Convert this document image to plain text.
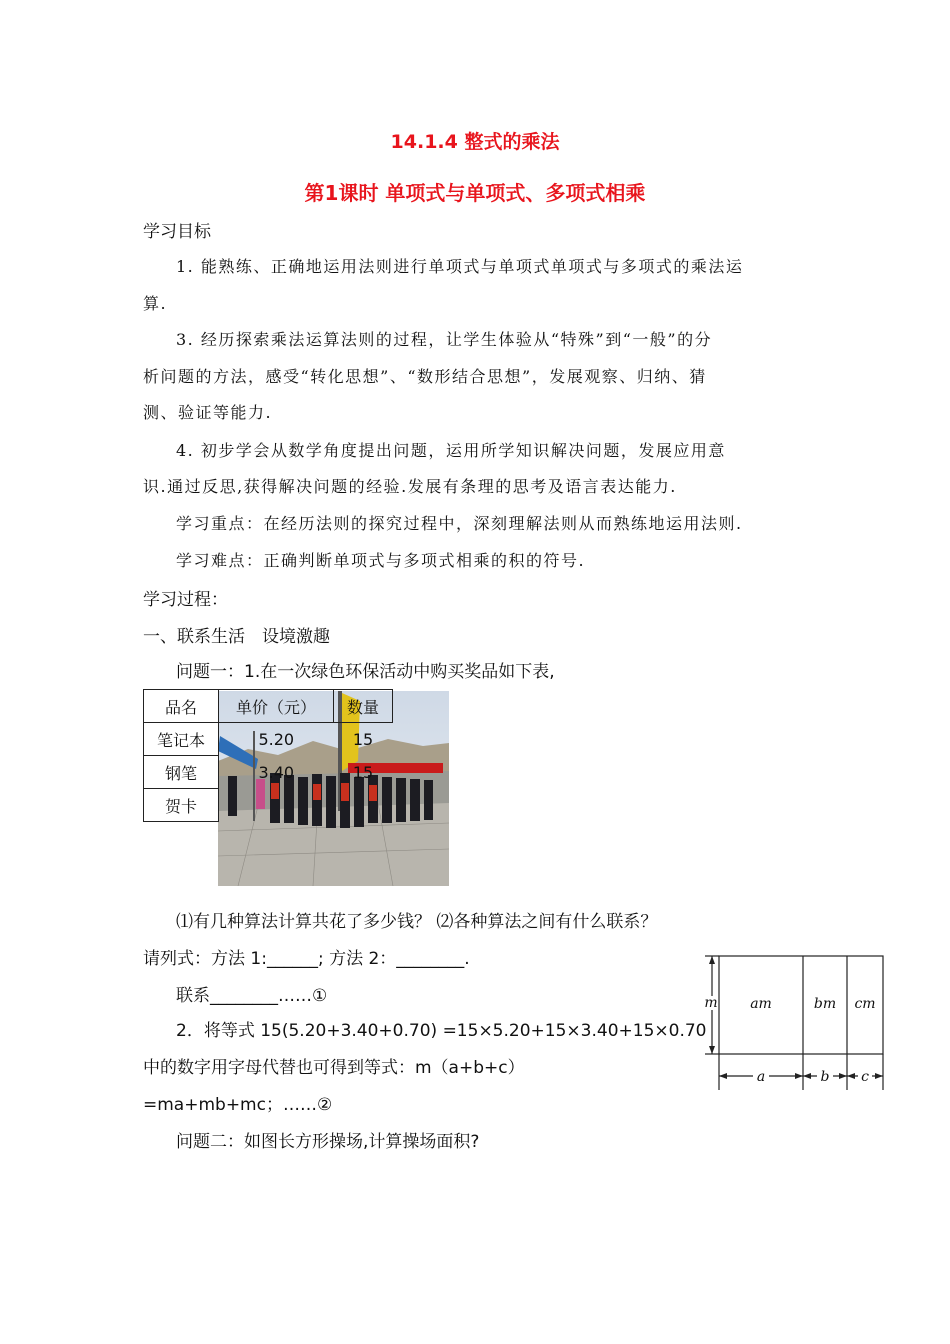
14.1.4 整式的乘法
第1课时 单项式与单项式、多项式相乘
学习目标
1. 能熟练、正确地运用法则进行单项式与单项式单项式与多项式的乘法运
算.
3. 经历探索乘法运算法则的过程，让学生体验从“特殊”到“一般”的分
析问题的方法，感受“转化思想”、“数形结合思想”，发展观察、归纳、猜
测、验证等能力.
4. 初步学会从数学角度提出问题，运用所学知识解决问题，发展应用意
识.通过反思,获得解决问题的经验.发展有条理的思考及语言表达能力.
学习重点：在经历法则的探究过程中，深刻理解法则从而熟练地运用法则.
学习难点：正确判断单项式与多项式相乘的积的符号.
学习过程：
一、联系生活　设境激趣
问题一：1.在一次绿色环保活动中购买奖品如下表,
品名	单价（元）	数量
笔记本	5.20	15
钢笔	3.40	15
贺卡		
⑴有几种算法计算共花了多少钱？ ⑵各种算法之间有什么联系？
请列式：方法 1:______; 方法 2：________.
联系________……①
2．将等式 15(5.20+3.40+0.70) =15×5.20+15×3.40+15×0.70
中的数字用字母代替也可得到等式：m（a+b+c）
=ma+mb+mc；……②
问题二：如图长方形操场,计算操场面积?
m am	bm cm
a	b c
